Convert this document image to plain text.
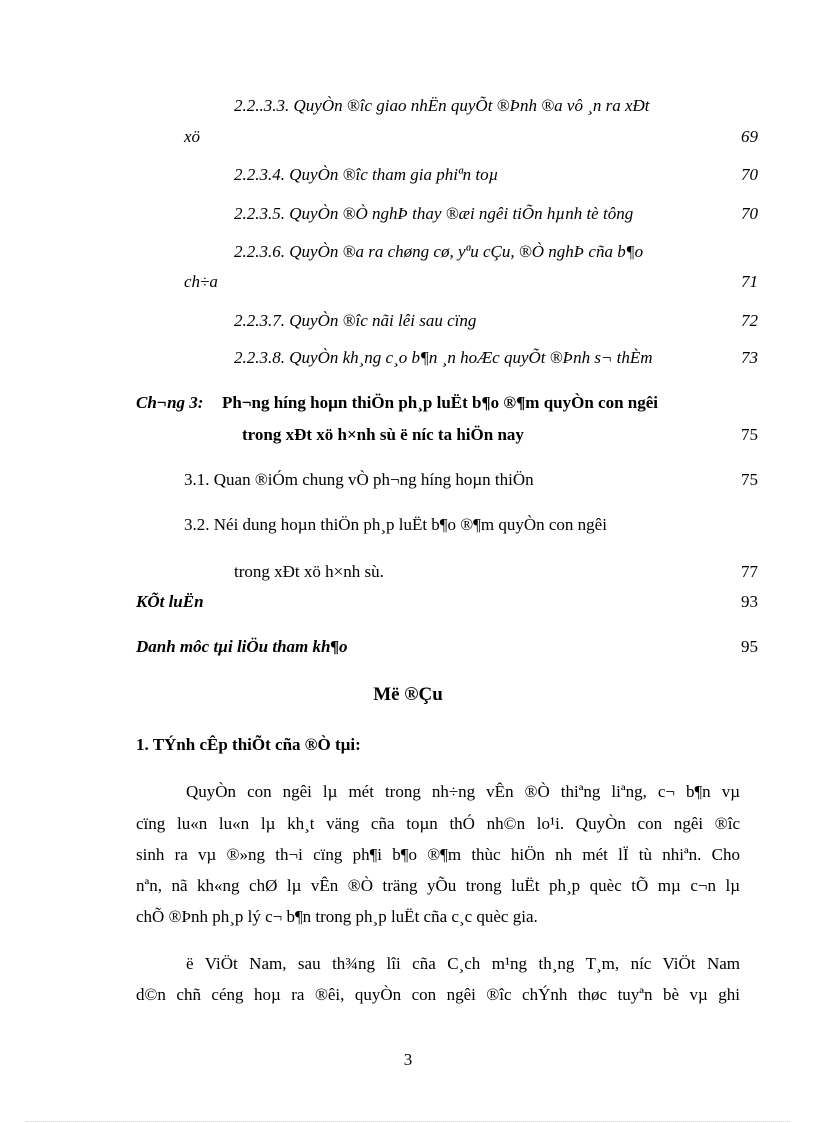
2.2..3.3. QuyÒn ®îc giao nhËn quyÕt ®Þnh ®a vô ¸n ra xÐt
xö	69
2.2.3.4. QuyÒn ®îc tham gia phiªn toµ	70
2.2.3.5. QuyÒn ®Ò nghÞ thay ®æi ngêi tiÕn hµnh tè tông	70
2.2.3.6. QuyÒn ®a ra chøng cø, yªu cÇu, ®Ò nghÞ cña b¶o
ch÷a	71
2.2.3.7. QuyÒn ®îc nãi lêi sau cïng	72
2.2.3.8. QuyÒn kh¸ng c¸o b¶n ¸n hoÆc quyÕt ®Þnh s¬ thÈm	73
Ch¬ng 3: Ph¬ng híng hoµn thiÖn ph¸p luËt b¶o ®¶m quyÒn con ngêi
trong xÐt xö h×nh sù ë níc ta hiÖn nay	75
3.1. Quan ®iÓm chung vÒ ph¬ng híng hoµn thiÖn	75
3.2. Néi dung hoµn thiÖn ph¸p luËt b¶o ®¶m quyÒn con ngêi
trong xÐt xö h×nh sù.	77
KÕt luËn	93
Danh môc tµi liÖu tham kh¶o	95
Më ®Çu
1. TÝnh cÊp thiÕt cña ®Ò tµi:
QuyÒn con ngêi lµ mét trong nh÷ng vÊn ®Ò thiªng liªng, c¬ b¶n vµ
cïng lu«n lu«n lµ kh¸t väng cña toµn thÓ nh©n lo¹i. QuyÒn con ngêi ®îc
sinh ra vµ ®»ng th¬i cïng ph¶i b¶o ®¶m thùc hiÖn nh mét lÏ tù nhiªn. Cho
nªn, nã kh«ng chØ lµ vÊn ®Ò träng yÕu trong luËt ph¸p quèc tÕ mµ c¬n lµ
chÕ ®Þnh ph¸p lý c¬ b¶n trong ph¸p luËt cña c¸c quèc gia.
ë ViÖt Nam, sau th¾ng lîi cña C¸ch m¹ng th¸ng T¸m, níc ViÖt Nam
d©n chñ céng hoµ ra ®êi, quyÒn con ngêi ®îc chÝnh thøc tuyªn bè vµ ghi
3
